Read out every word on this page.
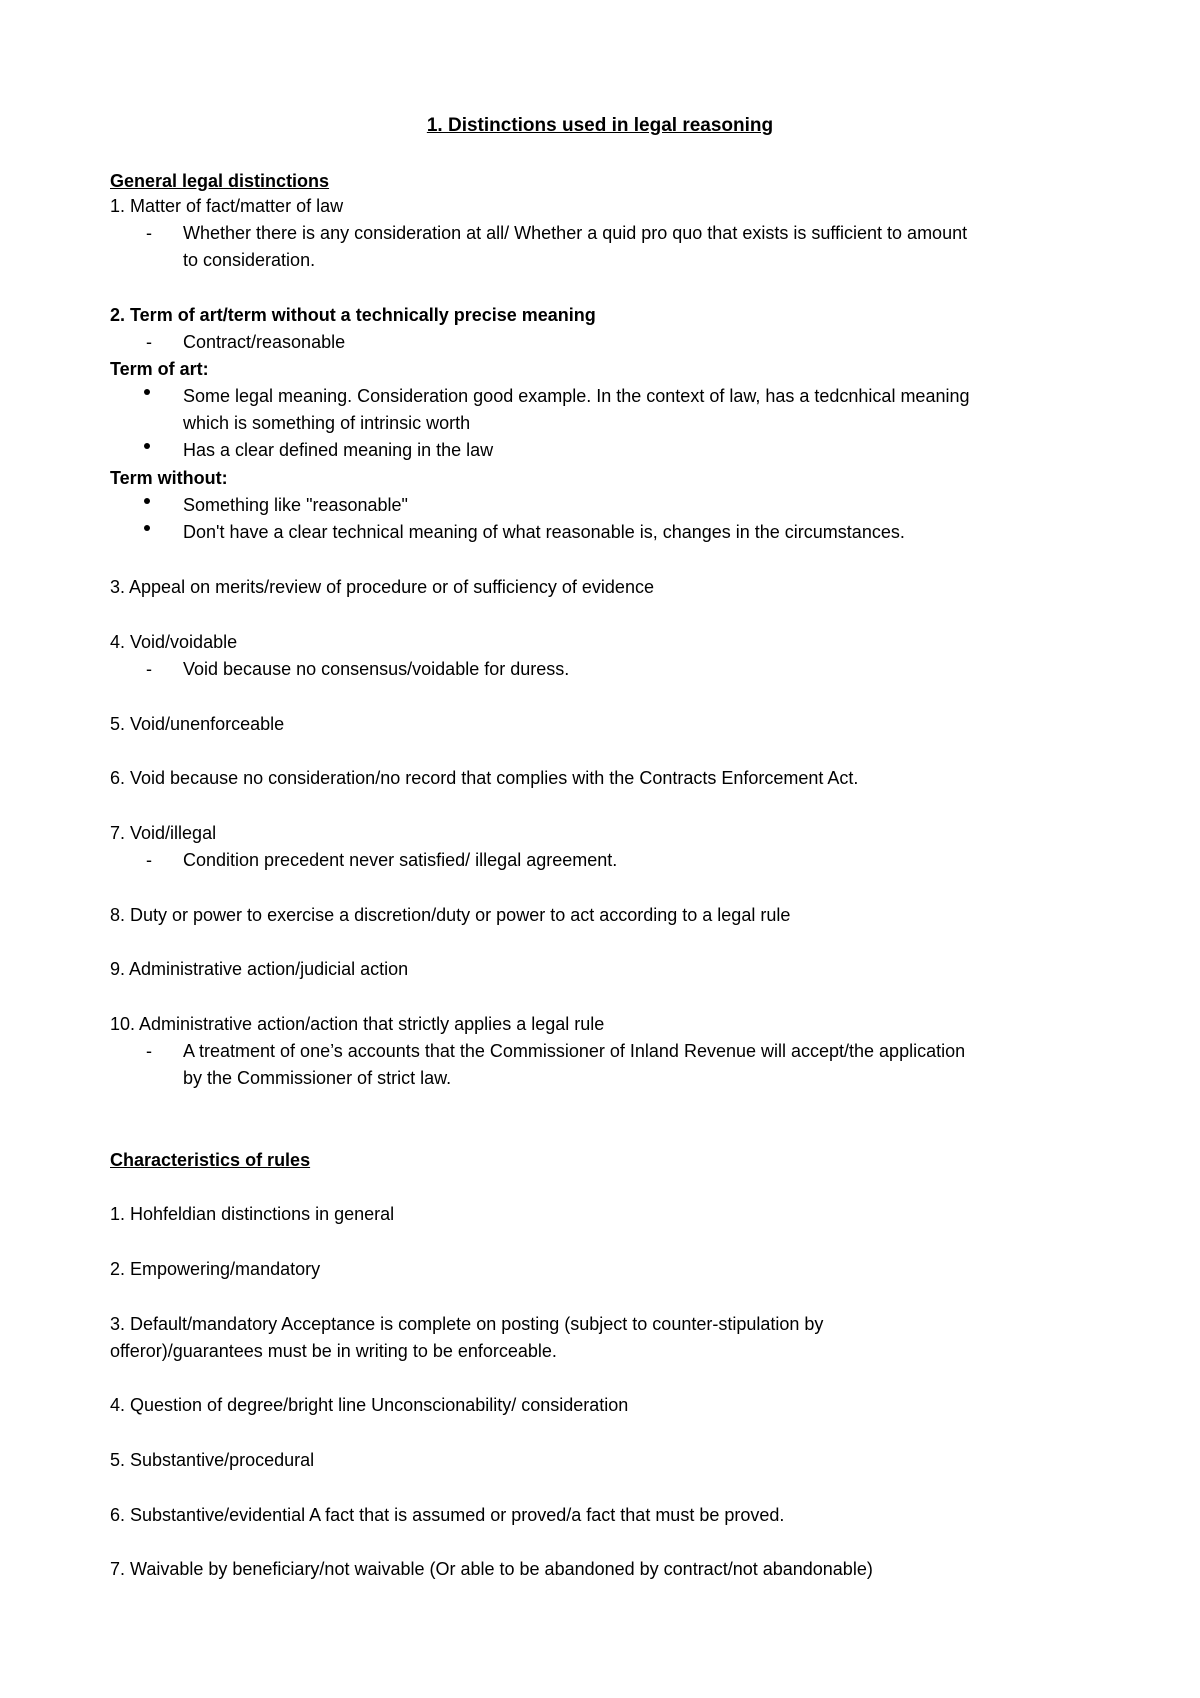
1. Distinctions used in legal reasoning
General legal distinctions
1. Matter of fact/matter of law
- Whether there is any consideration at all/ Whether a quid pro quo that exists is sufficient to amount
to consideration.
2. Term of art/term without a technically precise meaning
- Contract/reasonable
Term of art:
Some legal meaning. Consideration good example. In the context of law, has a tedcnhical meaning
which is something of intrinsic worth
Has a clear defined meaning in the law
Term without:
Something like "reasonable"
Don't have a clear technical meaning of what reasonable is, changes in the circumstances.
3. Appeal on merits/review of procedure or of sufficiency of evidence
4. Void/voidable
- Void because no consensus/voidable for duress.
5. Void/unenforceable
6. Void because no consideration/no record that complies with the Contracts Enforcement Act.
7. Void/illegal
- Condition precedent never satisfied/ illegal agreement.
8. Duty or power to exercise a discretion/duty or power to act according to a legal rule
9. Administrative action/judicial action
10. Administrative action/action that strictly applies a legal rule
- A treatment of one’s accounts that the Commissioner of Inland Revenue will accept/the application
by the Commissioner of strict law.
Characteristics of rules
1. Hohfeldian distinctions in general
2. Empowering/mandatory
3. Default/mandatory Acceptance is complete on posting (subject to counter-stipulation by
offeror)/guarantees must be in writing to be enforceable.
4. Question of degree/bright line Unconscionability/ consideration
5. Substantive/procedural
6. Substantive/evidential A fact that is assumed or proved/a fact that must be proved.
7. Waivable by beneficiary/not waivable (Or able to be abandoned by contract/not abandonable)
